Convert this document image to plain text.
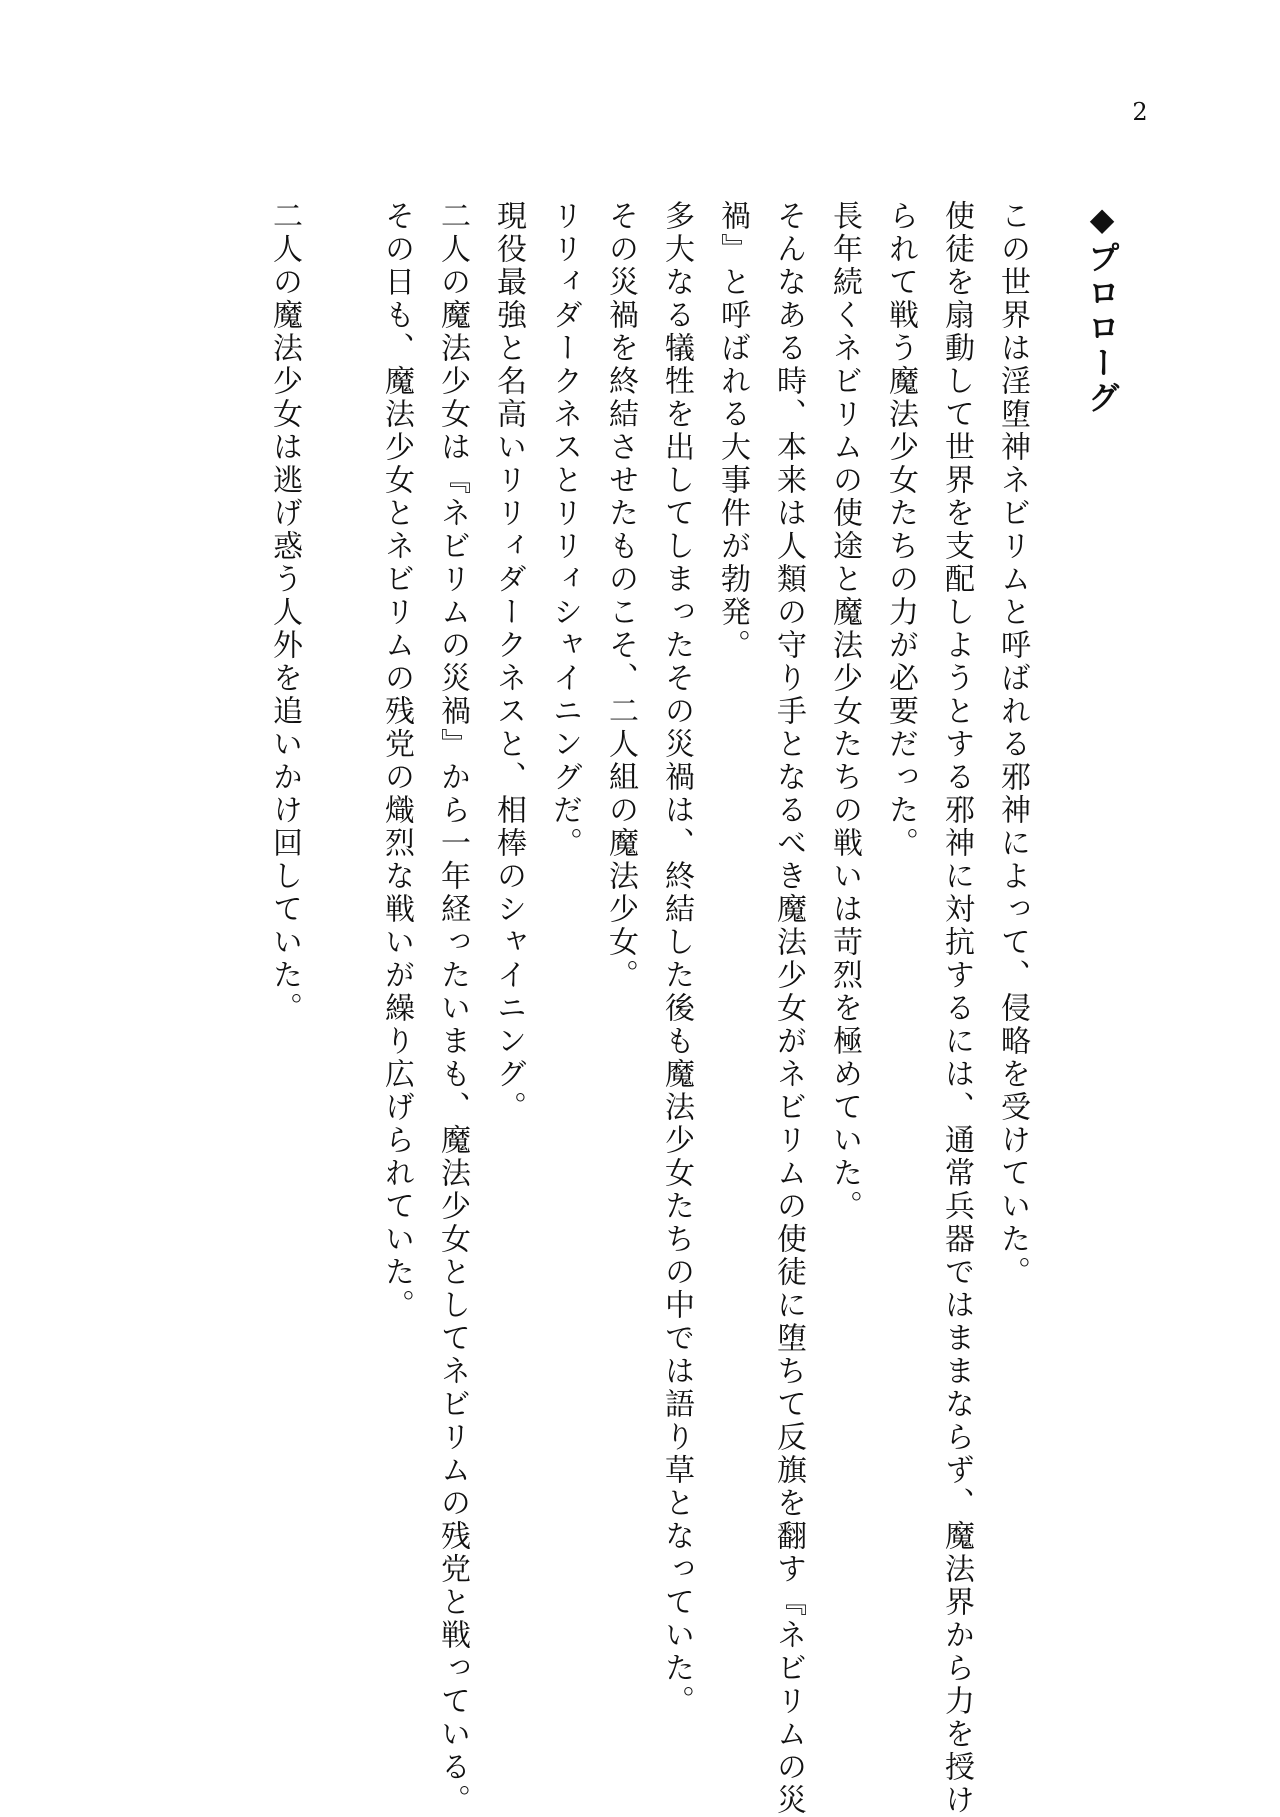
2
◆プロローグ
この世界は淫堕神ネビリムと呼ばれる邪神によって、侵略を受けていた。
使徒を扇動して世界を支配しようとする邪神に対抗するには、通常兵器ではままならず、魔法界から力を授け
られて戦う魔法少女たちの力が必要だった。
長年続くネビリムの使途と魔法少女たちの戦いは苛烈を極めていた。
そんなある時、本来は人類の守り手となるべき魔法少女がネビリムの使徒に堕ちて反旗を翻す『ネビリムの災
禍』と呼ばれる大事件が勃発。
多大なる犠牲を出してしまったその災禍は、終結した後も魔法少女たちの中では語り草となっていた。
その災禍を終結させたものこそ、二人組の魔法少女。
リリィダークネスとリリィシャイニングだ。
現役最強と名高いリリィダークネスと、相棒のシャイニング。
二人の魔法少女は『ネビリムの災禍』から一年経ったいまも、魔法少女としてネビリムの残党と戦っている。
その日も、魔法少女とネビリムの残党の熾烈な戦いが繰り広げられていた。
二人の魔法少女は逃げ惑う人外を追いかけ回していた。
